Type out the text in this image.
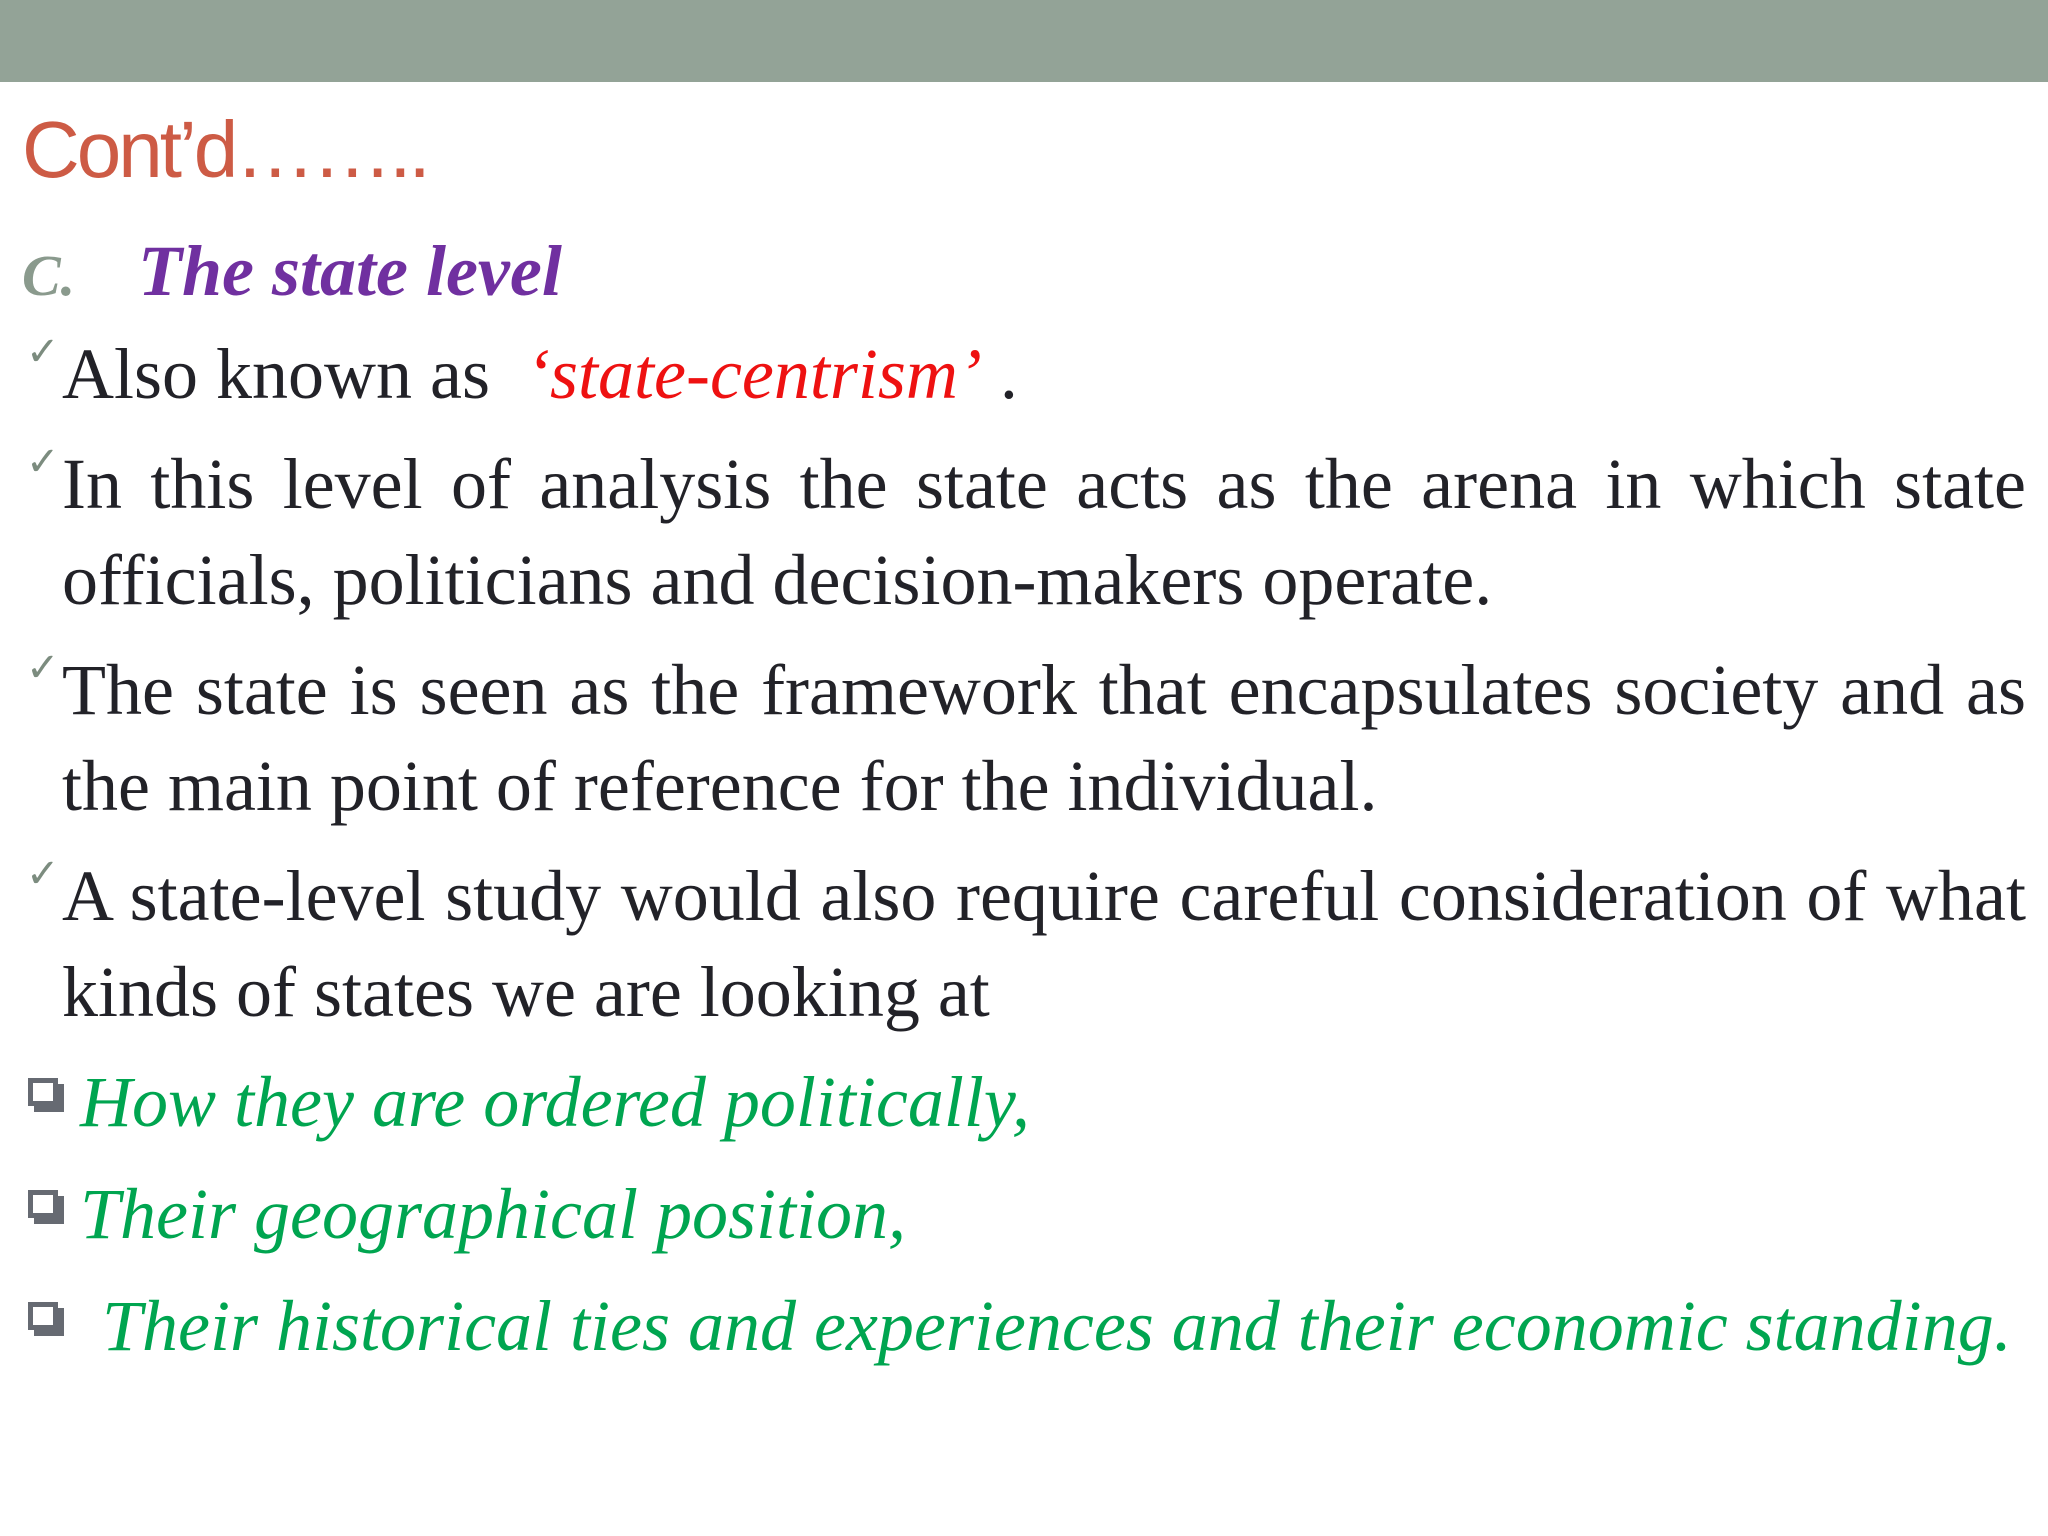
Cont’d……..
C. The state level
✓ Also known as ‘state-centrism’ .
✓ In this level of analysis the state acts as the arena in which state officials, politicians and decision-makers operate.
✓ The state is seen as the framework that encapsulates society and as the main point of reference for the individual.
✓ A state-level study would also require careful consideration of what kinds of states we are looking at
How they are ordered politically,
Their geographical position,
Their historical ties and experiences and their economic standing.
